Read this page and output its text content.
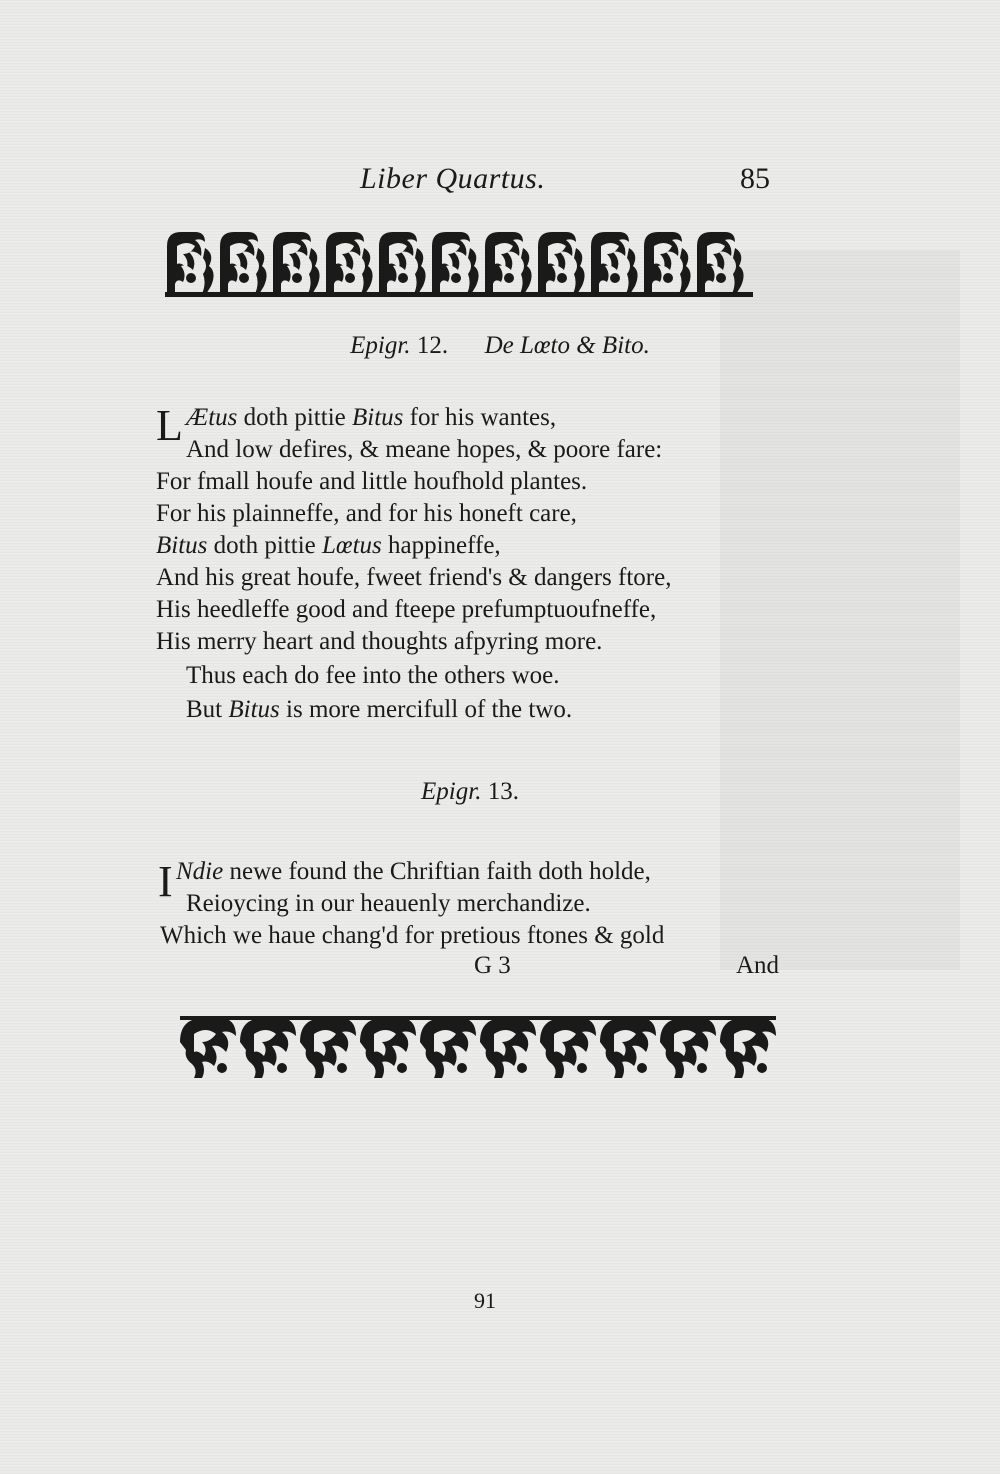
Liber Quartus.	85
Epigr. 12. De Lœto & Bito.
L Ætus doth pittie Bitus for his wantes,
And low defires, & meane hopes, & poore fare:
For fmall houfe and little houfhold plantes.
For his plainneffe, and for his honeft care,
Bitus doth pittie Lœtus happineffe,
And his great houfe, fweet friend's & dangers ftore,
His heedleffe good and fteepe prefumptuoufneffe,
His merry heart and thoughts afpyring more.
Thus each do fee into the others woe.
But Bitus is more mercifull of the two.
Epigr. 13.
I Ndie newe found the Chriftian faith doth holde,
Reioycing in our heauenly merchandize.
Which we haue chang'd for pretious ftones & gold
G 3	And
91
